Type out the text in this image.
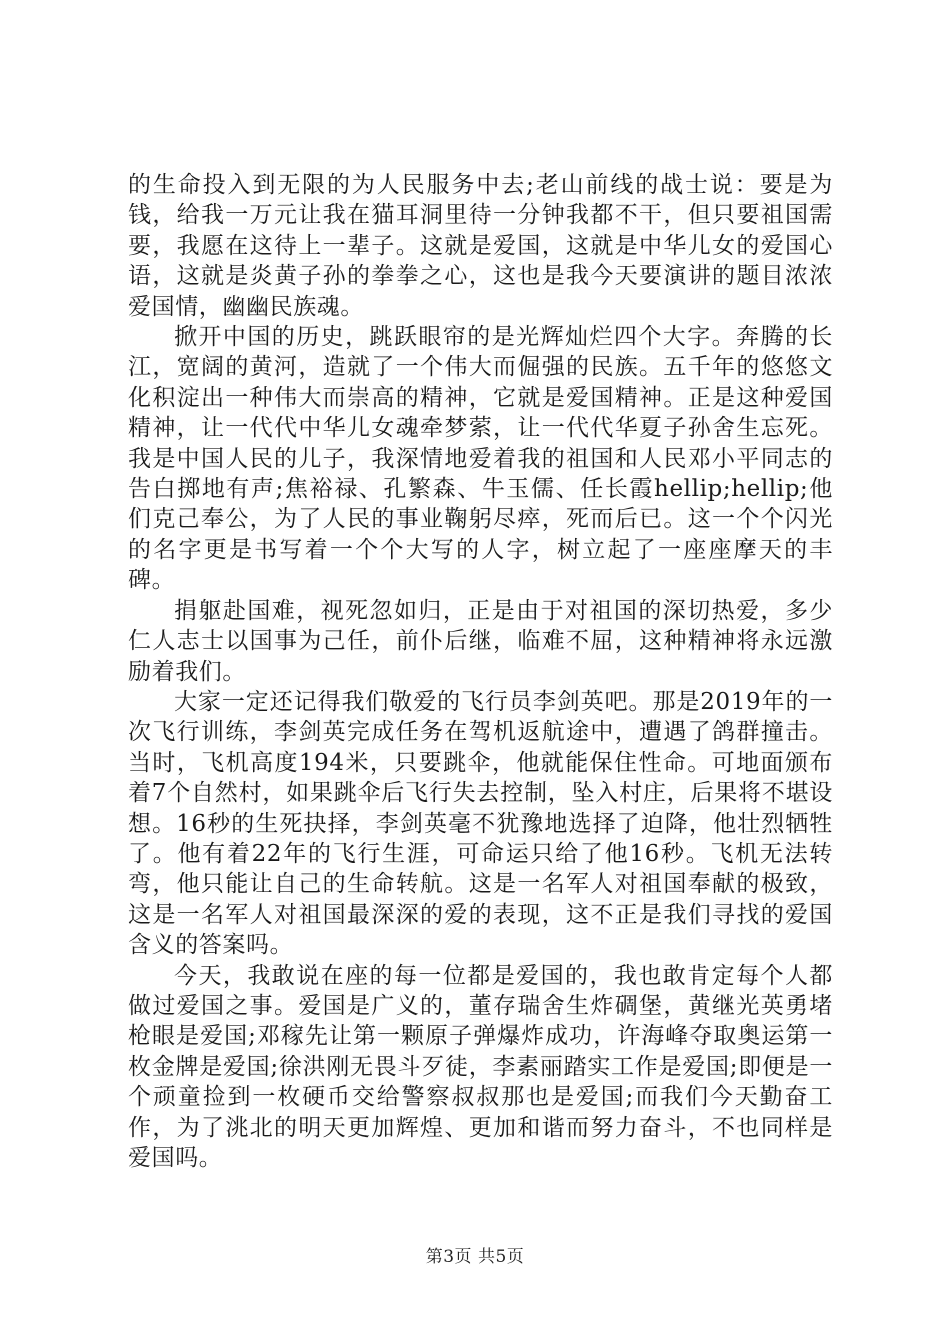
的生命投入到无限的为人民服务中去;老山前线的战士说：要是为钱，给我一万元让我在猫耳洞里待一分钟我都不干，但只要祖国需要，我愿在这待上一辈子。这就是爱国，这就是中华儿女的爱国心语，这就是炎黄子孙的拳拳之心，这也是我今天要演讲的题目浓浓爱国情，幽幽民族魂。

掀开中国的历史，跳跃眼帘的是光辉灿烂四个大字。奔腾的长江，宽阔的黄河，造就了一个伟大而倔强的民族。五千年的悠悠文化积淀出一种伟大而崇高的精神，它就是爱国精神。正是这种爱国精神，让一代代中华儿女魂牵梦萦，让一代代华夏子孙舍生忘死。我是中国人民的儿子，我深情地爱着我的祖国和人民邓小平同志的告白掷地有声;焦裕禄、孔繁森、牛玉儒、任长霞hellip;hellip;他们克己奉公，为了人民的事业鞠躬尽瘁，死而后已。这一个个闪光的名字更是书写着一个个大写的人字，树立起了一座座摩天的丰碑。

捐躯赴国难，视死忽如归，正是由于对祖国的深切热爱，多少仁人志士以国事为己任，前仆后继，临难不屈，这种精神将永远激励着我们。

大家一定还记得我们敬爱的飞行员李剑英吧。那是2019年的一次飞行训练，李剑英完成任务在驾机返航途中，遭遇了鸽群撞击。当时，飞机高度194米，只要跳伞，他就能保住性命。可地面颁布着7个自然村，如果跳伞后飞行失去控制，坠入村庄，后果将不堪设想。16秒的生死抉择，李剑英毫不犹豫地选择了迫降，他壮烈牺牲了。他有着22年的飞行生涯，可命运只给了他16秒。飞机无法转弯，他只能让自己的生命转航。这是一名军人对祖国奉献的极致，这是一名军人对祖国最深深的爱的表现，这不正是我们寻找的爱国含义的答案吗。

今天，我敢说在座的每一位都是爱国的，我也敢肯定每个人都做过爱国之事。爱国是广义的，董存瑞舍生炸碉堡，黄继光英勇堵枪眼是爱国;邓稼先让第一颗原子弹爆炸成功，许海峰夺取奥运第一枚金牌是爱国;徐洪刚无畏斗歹徒，李素丽踏实工作是爱国;即便是一个顽童捡到一枚硬币交给警察叔叔那也是爱国;而我们今天勤奋工作，为了洮北的明天更加辉煌、更加和谐而努力奋斗，不也同样是爱国吗。

第3页 共5页
